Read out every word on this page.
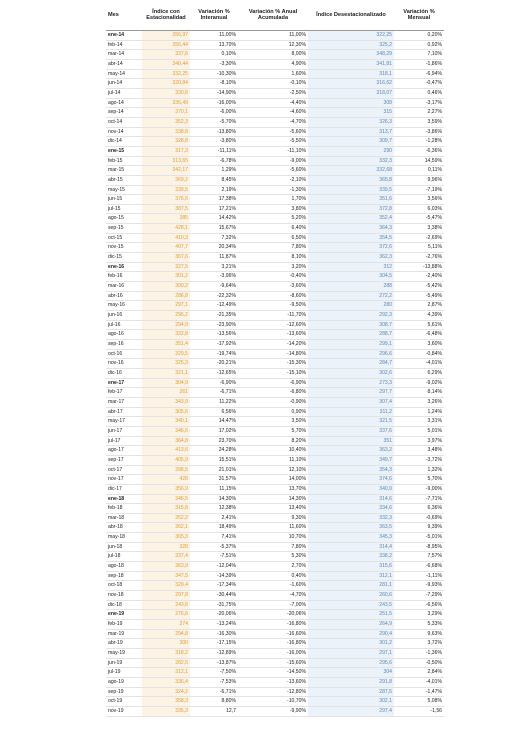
Mes	Índice con Estacionalidad	Variación % Interanual	Variación % Anual Acumulada	Índice Desestacionalizado	Variación % Mensual
ene-14	356,97	11,00%	11,00%	322,25	0,20%
feb-14	356,44	13,70%	12,30%	325,2	0,92%
mar-14	337,6	0,10%	8,00%	348,29	7,10%
abr-14	340,44	-3,30%	4,90%	341,81	-1,86%
may-14	332,25	-10,30%	1,60%	318,1	-6,94%
jun-14	320,84	-8,10%	-0,10%	316,62	-0,47%
jul-14	330,6	-14,90%	-2,50%	318,07	0,46%
ago-14	336,49	-16,00%	-4,40%	308	-3,17%
sep-14	370,1	-6,00%	-4,60%	315	2,27%
oct-14	352,3	-5,70%	-4,70%	326,3	3,59%
nov-14	338,8	-13,80%	-5,60%	313,7	-3,86%
dic-14	328,8	-3,80%	-5,50%	309,7	-1,28%
ene-15	317,3	-11,11%	-11,10%	290	-6,36%
feb-15	313,65	-6,78%	-9,00%	332,3	14,59%
mar-15	342,17	1,29%	-5,60%	332,68	0,11%
abr-15	369,2	8,45%	-2,10%	365,8	9,96%
may-15	339,5	2,19%	-1,30%	339,5	-7,19%
jun-15	376,6	17,38%	1,70%	351,6	3,56%
jul-15	387,5	17,21%	3,80%	372,8	6,03%
ago-15	385	14,42%	5,20%	352,4	-5,47%
sep-15	428,1	15,67%	6,40%	364,3	3,38%
oct-15	410,3	7,32%	6,50%	354,5	-2,69%
nov-15	407,7	20,34%	7,80%	372,6	5,11%
dic-15	367,6	11,87%	8,10%	362,3	-2,76%
ene-16	327,5	3,21%	3,20%	312	-13,88%
feb-16	301,2	-3,96%	-0,40%	304,5	-2,40%
mar-16	309,2	-9,64%	-3,60%	288	-5,42%
abr-16	286,8	-22,32%	-8,60%	272,2	-5,49%
may-16	297,1	-12,49%	-9,50%	280	2,87%
jun-16	296,2	-21,35%	-11,70%	292,3	4,39%
jul-16	294,9	-23,90%	-12,60%	308,7	5,61%
ago-16	332,8	-13,56%	-13,60%	288,7	-6,48%
sep-16	351,4	-17,92%	-14,20%	299,1	3,60%
oct-16	329,5	-19,74%	-14,80%	296,6	-0,84%
nov-16	325,3	-20,21%	-15,30%	284,7	-4,01%
dic-16	321,1	-12,65%	-15,10%	302,6	6,29%
ene-17	304,9	-6,90%	-6,90%	273,3	-9,02%
feb-17	261	-6,71%	-6,80%	297,7	8,14%
mar-17	343,9	11,22%	-0,90%	307,4	3,26%
abr-17	305,6	6,56%	0,90%	311,2	1,24%
may-17	340,1	14,47%	3,50%	321,5	3,31%
jun-17	346,6	17,02%	5,70%	337,6	5,01%
jul-17	364,8	23,70%	8,20%	351	3,97%
ago-17	413,6	24,28%	10,40%	363,2	3,48%
sep-17	405,9	15,51%	11,10%	349,7	-3,72%
oct-17	398,5	21,01%	12,10%	354,3	1,32%
nov-17	428	31,57%	14,00%	374,6	5,70%
dic-17	356,9	11,15%	13,70%	340,9	-9,00%
ene-18	346,5	14,30%	14,30%	314,6	-7,71%
feb-18	315,8	12,38%	13,40%	334,6	6,36%
mar-18	352,2	2,41%	9,30%	332,3	-0,69%
abr-18	362,1	18,49%	11,60%	363,5	9,39%
may-18	365,3	7,41%	10,70%	345,3	-5,01%
jun-18	328	-5,37%	7,80%	314,4	-8,95%
jul-18	337,4	-7,51%	5,30%	338,2	7,57%
ago-18	363,9	-12,04%	2,70%	315,6	-6,68%
sep-18	347,5	-14,39%	0,40%	312,1	-1,11%
oct-18	329,4	-17,34%	-1,60%	281,1	-9,93%
nov-18	297,8	-30,44%	-4,70%	260,6	-7,29%
dic-18	243,6	-31,75%	-7,00%	243,5	-6,56%
ene-19	276,6	-20,06%	-20,06%	251,5	3,29%
feb-19	274	-13,24%	-16,80%	264,9	5,33%
mar-19	294,8	-16,30%	-16,60%	290,4	9,63%
abr-19	300	-17,15%	-16,80%	301,2	3,72%
may-19	318,2	-12,89%	-16,00%	297,1	-1,36%
jun-19	282,5	-13,87%	-15,60%	295,6	-0,50%
jul-19	312,1	-7,50%	-14,50%	304	2,84%
ago-19	336,4	-7,53%	-13,60%	291,8	-4,01%
sep-19	324,2	-6,71%	-12,80%	287,5	-1,47%
oct-19	358,3	8,80%	-10,70%	302,1	5,08%
nov-19	335,3	12,7	-9,90%	297,4	-1,56
